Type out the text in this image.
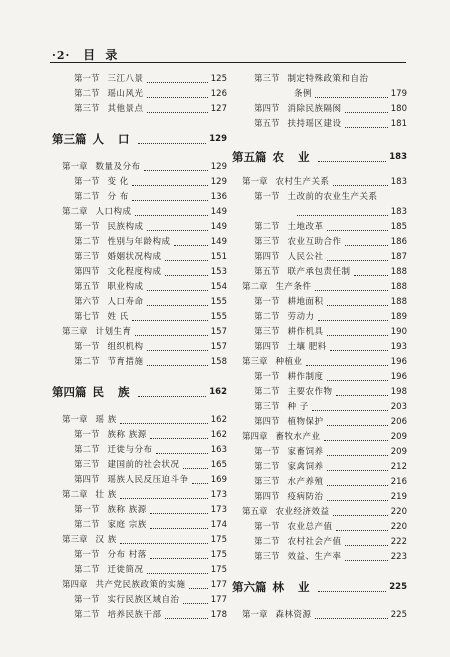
·2· 目 录
第一节 三江八景	125
第二节 瑶山风光	126
第三节 其他景点	127
第三篇 人 口	129
第一章 数量及分布	129
第一节 变 化	129
第二节 分 布	136
第二章 人口构成	149
第一节 民族构成	149
第二节 性别与年龄构成	149
第三节 婚姻状况构成	151
第四节 文化程度构成	153
第五节 职业构成	154
第六节 人口寿命	155
第七节 姓 氏	155
第三章 计划生育	157
第一节 组织机构	157
第二节 节育措施	158
第四篇 民 族	162
第一章 瑶 族	162
第一节 族称 族源	162
第二节 迁徙与分布	163
第三节 建国前的社会状况	165
第四节 瑶族人民反压迫斗争	169
第二章 壮 族	173
第一节 族称 族源	173
第二节 家庭 宗族	174
第三章 汉 族	175
第一节 分布 村落	175
第二节 迁徙简况	175
第四章 共产党民族政策的实施	177
第一节 实行民族区域自治	177
第二节 培养民族干部	178
第三节 制定特殊政策和自治
条例	179
第四节 消除民族隔阂	180
第五节 扶持瑶区建设	181
第五篇 农 业	183
第一章 农村生产关系	183
第一节 土改前的农业生产关系
183
第二节 土地改革	185
第三节 农业互助合作	186
第四节 人民公社	187
第五节 联产承包责任制	188
第二章 生产条件	188
第一节 耕地面积	188
第二节 劳动力	189
第三节 耕作机具	190
第四节 土壤 肥料	193
第三章 种植业	196
第一节 耕作制度	196
第二节 主要农作物	198
第三节 种 子	203
第四节 植物保护	206
第四章 畜牧水产业	209
第一节 家畜饲养	209
第二节 家禽饲养	212
第三节 水产养殖	216
第四节 疫病防治	219
第五章 农业经济效益	220
第一节 农业总产值	220
第二节 农村社会产值	222
第三节 效益、生产率	223
第六篇 林 业	225
第一章 森林资源	225
